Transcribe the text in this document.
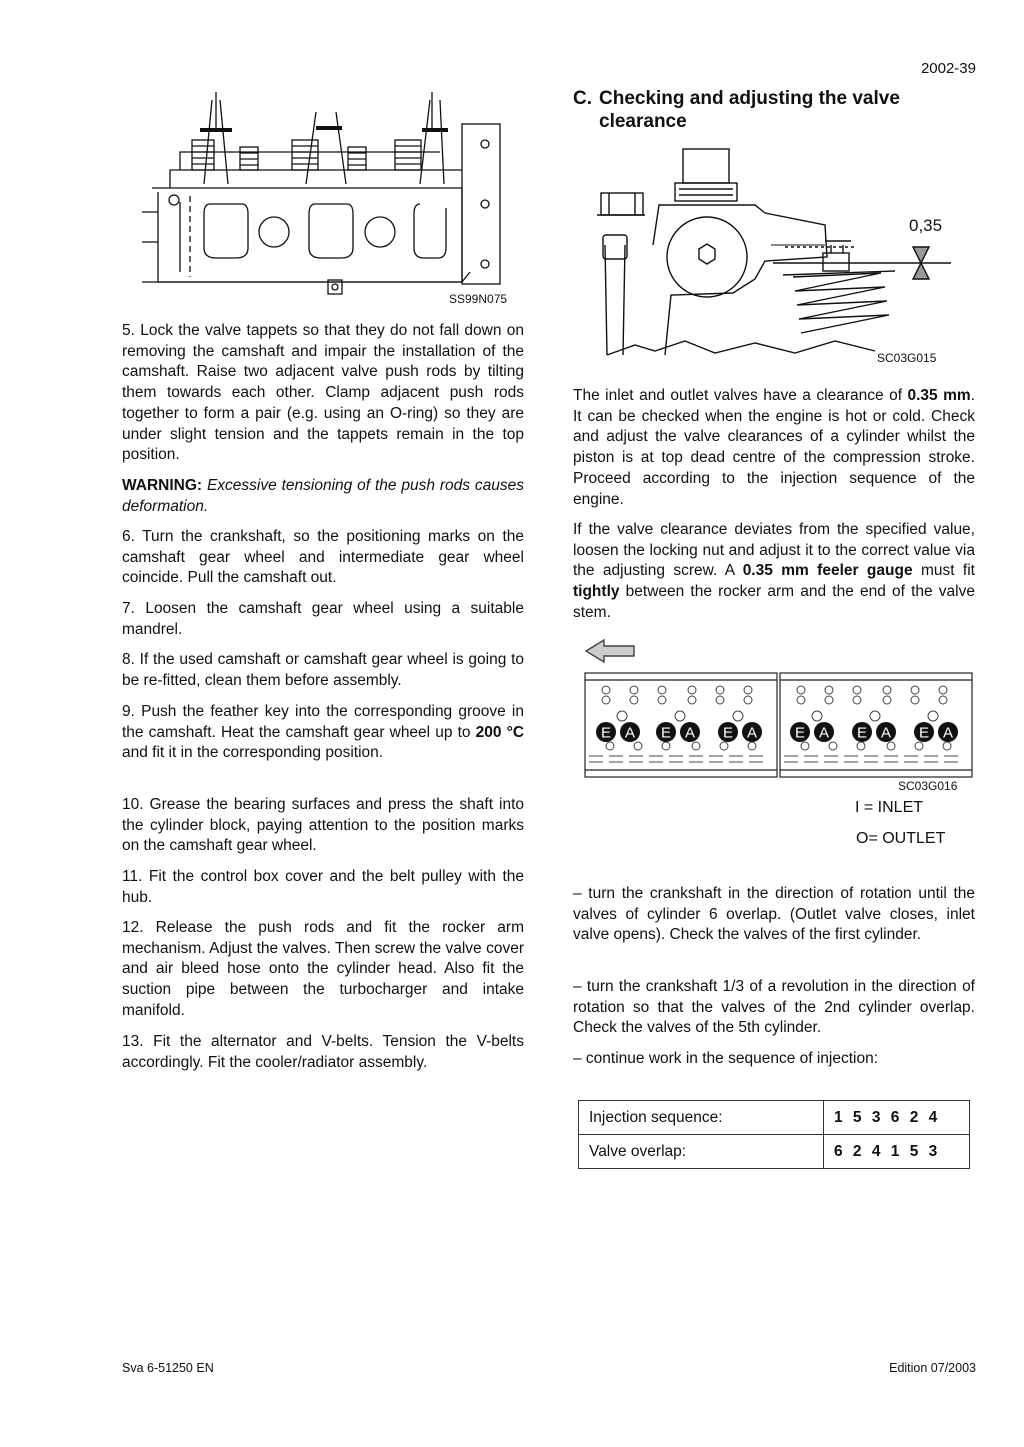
2002-39
SS99N075

5. Lock the valve tappets so that they do not fall down on removing the camshaft and impair the installation of the camshaft. Raise two adjacent valve push rods by tilting them towards each other. Clamp adjacent push rods together to form a pair (e.g. using an O-ring) so they are under slight tension and the tappets remain in the top position.

WARNING: Excessive tensioning of the push rods causes deformation.

6. Turn the crankshaft, so the positioning marks on the camshaft gear wheel and intermediate gear wheel coincide. Pull the camshaft out.

7. Loosen the camshaft gear wheel using a suitable mandrel.

8. If the used camshaft or camshaft gear wheel is going to be re-fitted, clean them before assembly.

9. Push the feather key into the corresponding groove in the camshaft. Heat the camshaft gear wheel up to 200 °C and fit it in the corresponding position.

10. Grease the bearing surfaces and press the shaft into the cylinder block, paying attention to the position marks on the camshaft gear wheel.

11. Fit the control box cover and the belt pulley with the hub.

12. Release the push rods and fit the rocker arm mechanism. Adjust the valves. Then screw the valve cover and air bleed hose onto the cylinder head. Also fit the suction pipe between the turbocharger and intake manifold.

13. Fit the alternator and V-belts. Tension the V-belts accordingly. Fit the cooler/radiator assembly.

C. Checking and adjusting the valve
clearance
0,35
SC03G015

The inlet and outlet valves have a clearance of 0.35 mm. It can be checked when the engine is hot or cold. Check and adjust the valve clearances of a cylinder whilst the piston is at top dead centre of the compression stroke. Proceed according to the injection sequence of the engine.

If the valve clearance deviates from the specified value, loosen the locking nut and adjust it to the correct value via the adjusting screw. A 0.35 mm feeler gauge must fit tightly between the rocker arm and the end of the valve stem.

E A E A E A	E A E A E A
SC03G016
I = INLET
O= OUTLET

– turn the crankshaft in the direction of rotation until the valves of cylinder 6 overlap. (Outlet valve closes, inlet valve opens). Check the valves of the first cylinder.

– turn the crankshaft 1/3 of a revolution in the direction of rotation so that the valves of the 2nd cylinder overlap. Check the valves of the 5th cylinder.

– continue work in the sequence of injection:

Injection sequence:	1 5 3 6 2 4
Valve overlap:	6 2 4 1 5 3
Sva 6-51250 EN	Edition 07/2003
